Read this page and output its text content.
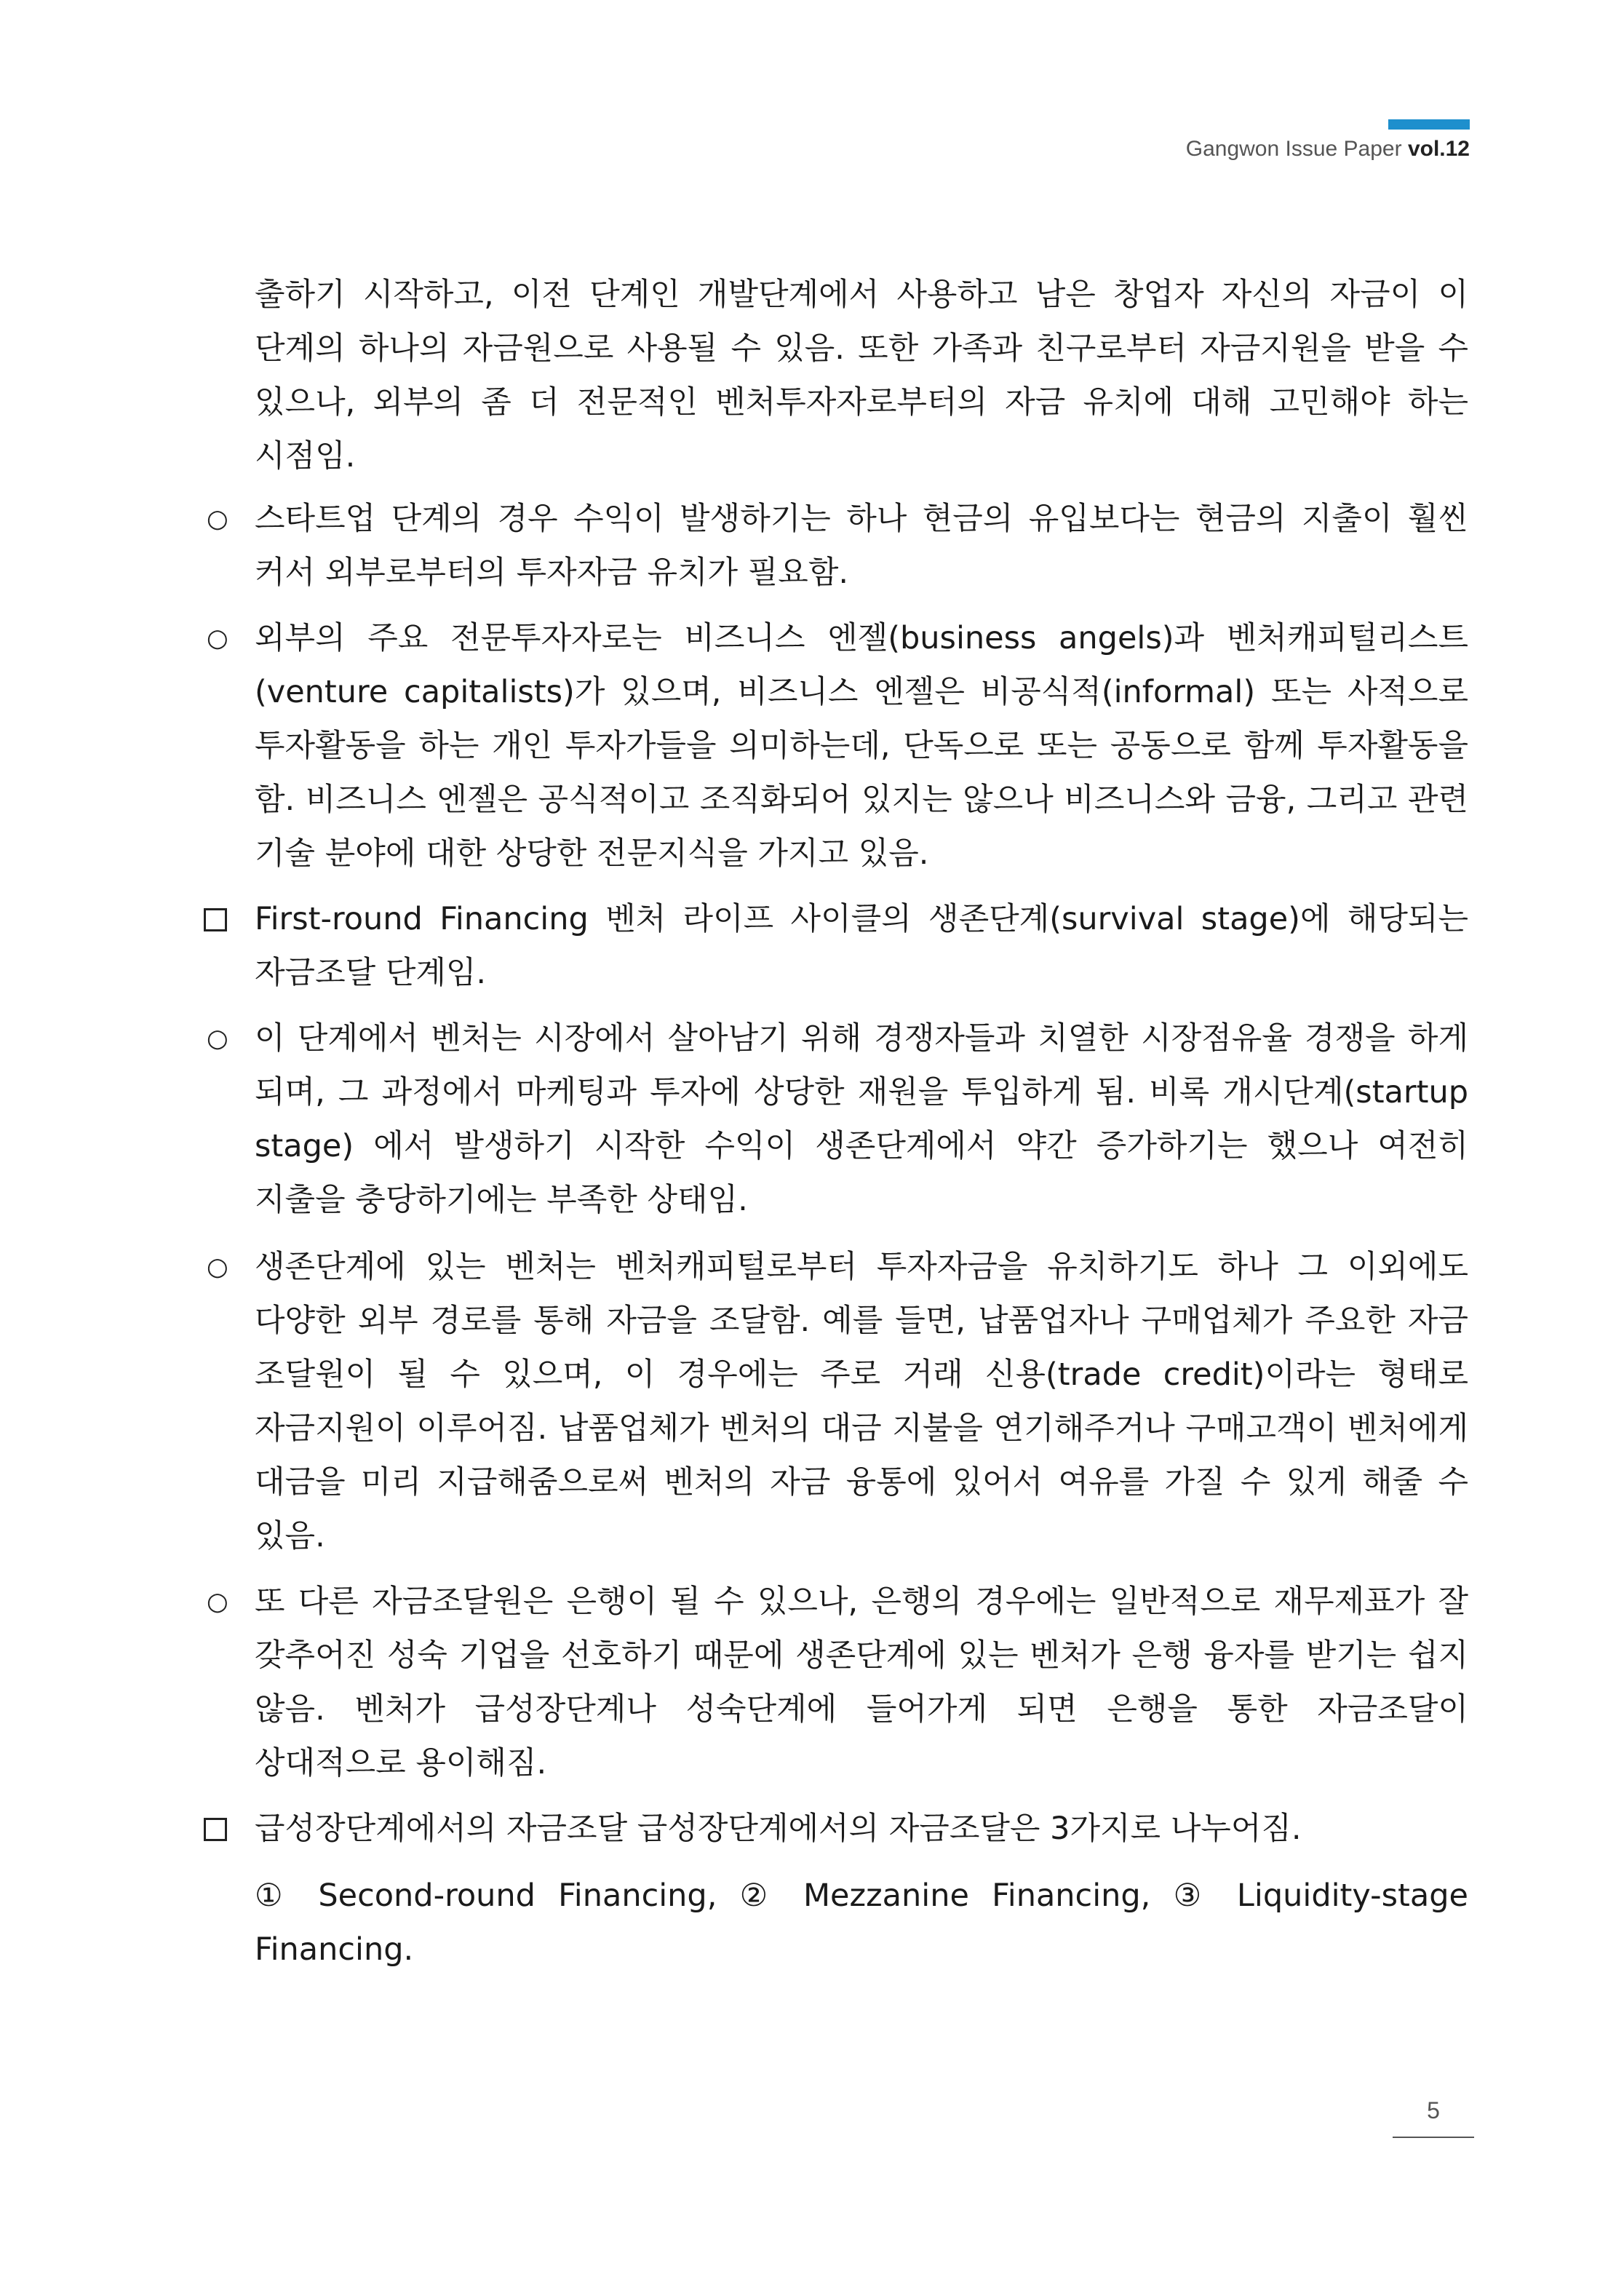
Gangwon Issue Paper vol.12
출하기 시작하고, 이전 단계인 개발단계에서 사용하고 남은 창업자 자신의 자금이 이 단계의 하나의 자금원으로 사용될 수 있음. 또한 가족과 친구로부터 자금지원을 받을 수 있으나, 외부의 좀 더 전문적인 벤처투자자로부터의 자금 유치에 대해 고민해야 하는 시점임.
○ 스타트업 단계의 경우 수익이 발생하기는 하나 현금의 유입보다는 현금의 지출이 훨씬 커서 외부로부터의 투자자금 유치가 필요함.
○ 외부의 주요 전문투자자로는 비즈니스 엔젤(business angels)과 벤처캐피털리스트(venture capitalists)가 있으며, 비즈니스 엔젤은 비공식적(informal) 또는 사적으로 투자활동을 하는 개인 투자가들을 의미하는데, 단독으로 또는 공동으로 함께 투자활동을 함. 비즈니스 엔젤은 공식적이고 조직화되어 있지는 않으나 비즈니스와 금융, 그리고 관련 기술 분야에 대한 상당한 전문지식을 가지고 있음.
First-round Financing 벤처 라이프 사이클의 생존단계(survival stage)에 해당되는 자금조달 단계임.
○ 이 단계에서 벤처는 시장에서 살아남기 위해 경쟁자들과 치열한 시장점유율 경쟁을 하게 되며, 그 과정에서 마케팅과 투자에 상당한 재원을 투입하게 됨. 비록 개시단계(startup stage) 에서 발생하기 시작한 수익이 생존단계에서 약간 증가하기는 했으나 여전히 지출을 충당하기에는 부족한 상태임.
○ 생존단계에 있는 벤처는 벤처캐피털로부터 투자자금을 유치하기도 하나 그 이외에도 다양한 외부 경로를 통해 자금을 조달함. 예를 들면, 납품업자나 구매업체가 주요한 자금 조달원이 될 수 있으며, 이 경우에는 주로 거래 신용(trade credit)이라는 형태로 자금지원이 이루어짐. 납품업체가 벤처의 대금 지불을 연기해주거나 구매고객이 벤처에게 대금을 미리 지급해줌으로써 벤처의 자금 융통에 있어서 여유를 가질 수 있게 해줄 수 있음.
○ 또 다른 자금조달원은 은행이 될 수 있으나, 은행의 경우에는 일반적으로 재무제표가 잘 갖추어진 성숙 기업을 선호하기 때문에 생존단계에 있는 벤처가 은행 융자를 받기는 쉽지 않음. 벤처가 급성장단계나 성숙단계에 들어가게 되면 은행을 통한 자금조달이 상대적으로 용이해짐.
급성장단계에서의 자금조달 급성장단계에서의 자금조달은 3가지로 나누어짐.
① Second-round Financing, ② Mezzanine Financing, ③ Liquidity-stage Financing.
5
